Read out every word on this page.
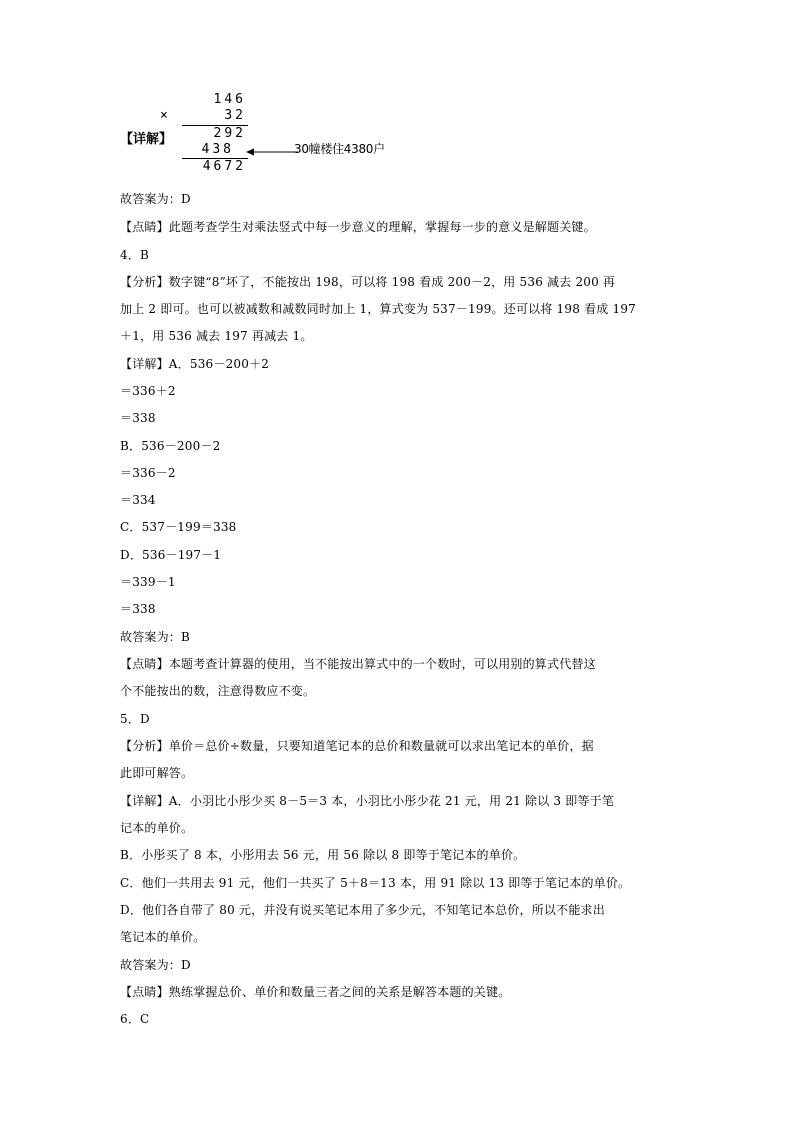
【详解】
146
×	32
292
438	30幢楼住4380户
4672
故答案为：D
【点睛】此题考查学生对乘法竖式中每一步意义的理解，掌握每一步的意义是解题关键。
4．B
【分析】数字键“8”坏了，不能按出 198，可以将 198 看成 200－2，用 536 减去 200 再
加上 2 即可。也可以被减数和减数同时加上 1，算式变为 537－199。还可以将 198 看成 197
＋1，用 536 减去 197 再减去 1。
【详解】A．536－200＋2
＝336＋2
＝338
B．536－200－2
＝336－2
＝334
C．537－199＝338
D．536－197－1
＝339－1
＝338
故答案为：B
【点睛】本题考查计算器的使用，当不能按出算式中的一个数时，可以用别的算式代替这
个不能按出的数，注意得数应不变。
5．D
【分析】单价＝总价÷数量，只要知道笔记本的总价和数量就可以求出笔记本的单价，据
此即可解答。
【详解】A．小羽比小彤少买 8－5＝3 本，小羽比小彤少花 21 元，用 21 除以 3 即等于笔
记本的单价。
B．小彤买了 8 本，小彤用去 56 元，用 56 除以 8 即等于笔记本的单价。
C．他们一共用去 91 元，他们一共买了 5＋8＝13 本，用 91 除以 13 即等于笔记本的单价。
D．他们各自带了 80 元，并没有说买笔记本用了多少元，不知笔记本总价，所以不能求出
笔记本的单价。
故答案为：D
【点睛】熟练掌握总价、单价和数量三者之间的关系是解答本题的关键。
6．C
